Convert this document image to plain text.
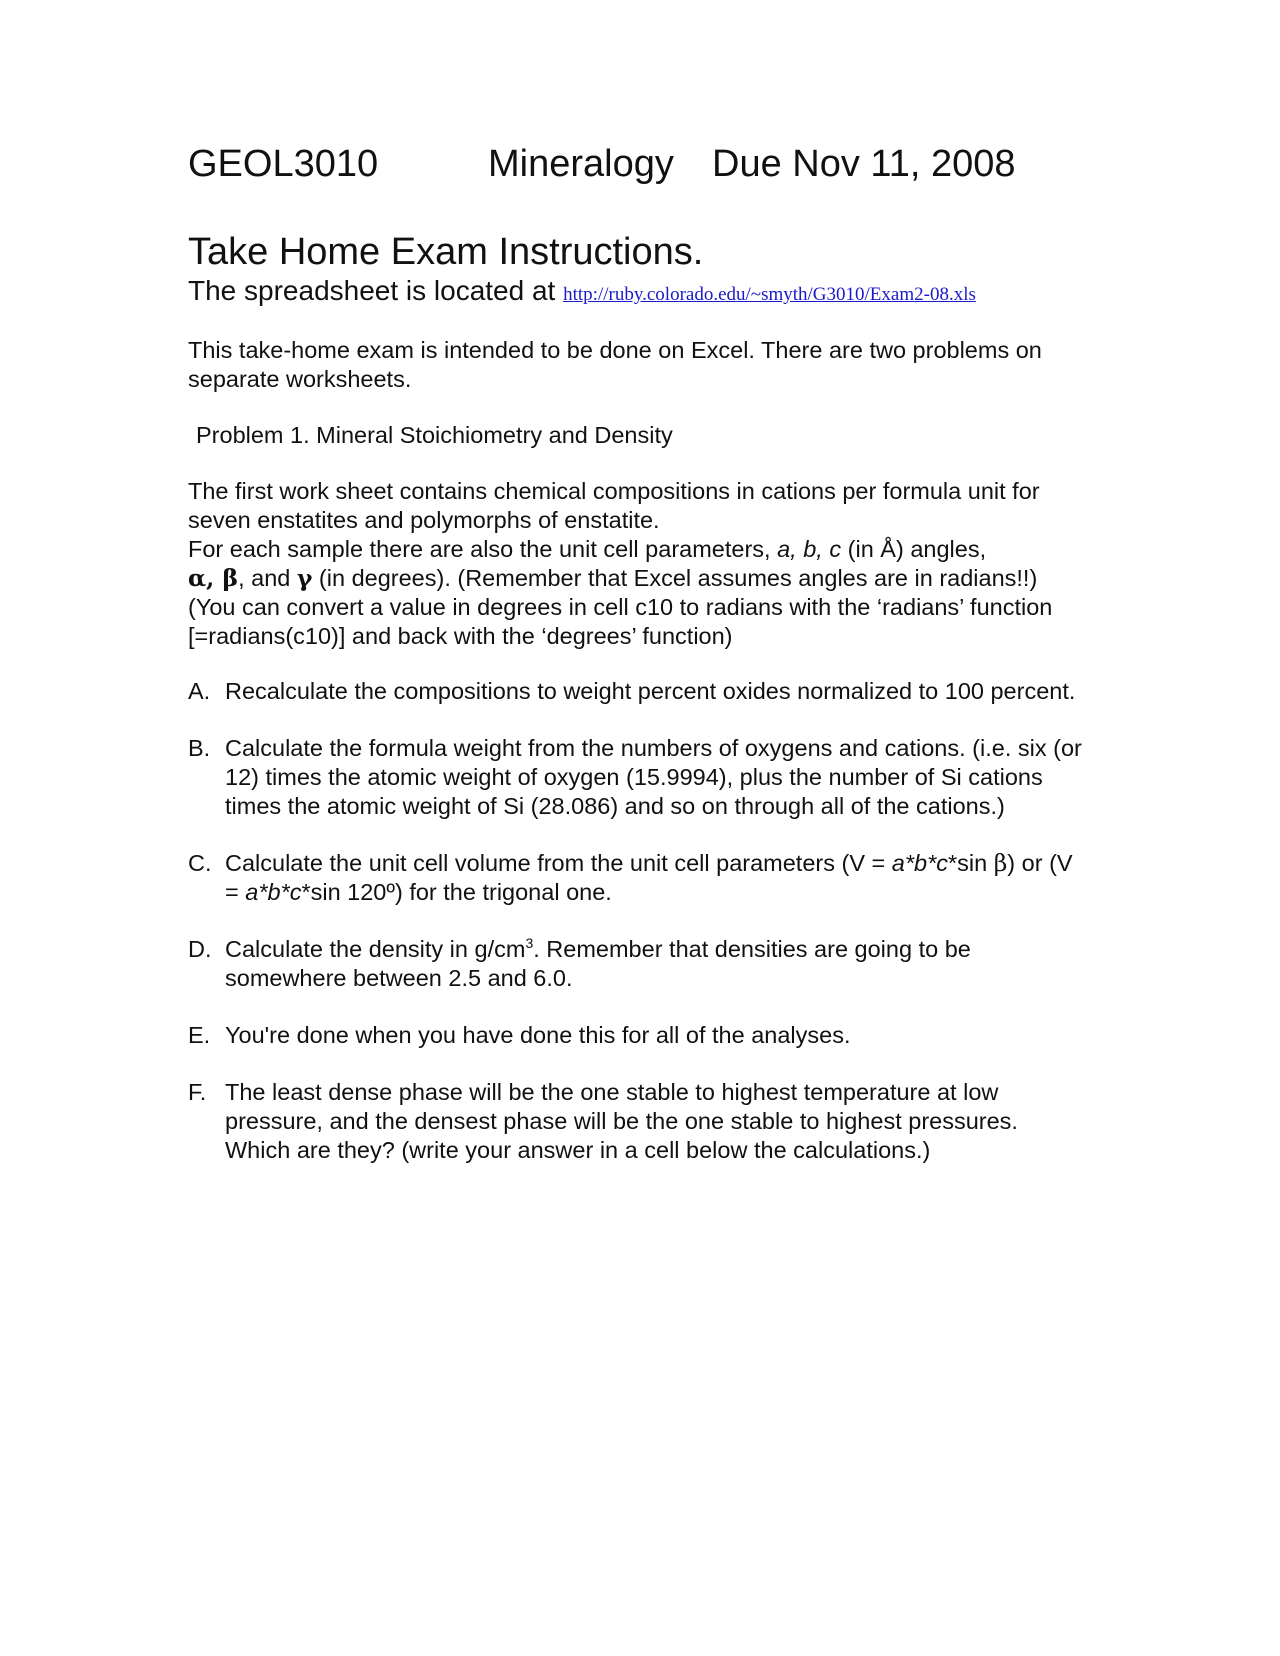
GEOL3010	Mineralogy Due Nov 11, 2008
Take Home Exam Instructions.
The spreadsheet is located at http://ruby.colorado.edu/~smyth/G3010/Exam2-08.xls

This take-home exam is intended to be done on Excel. There are two problems on separate worksheets.

Problem 1. Mineral Stoichiometry and Density

The first work sheet contains chemical compositions in cations per formula unit for seven enstatites and polymorphs of enstatite.
For each sample there are also the unit cell parameters, a, b, c (in Å) angles,
α, β, and γ (in degrees). (Remember that Excel assumes angles are in radians!!)
(You can convert a value in degrees in cell c10 to radians with the ‘radians’ function [=radians(c10)] and back with the ‘degrees’ function)
A. Recalculate the compositions to weight percent oxides normalized to 100 percent.
B. Calculate the formula weight from the numbers of oxygens and cations. (i.e. six (or 12) times the atomic weight of oxygen (15.9994), plus the number of Si cations times the atomic weight of Si (28.086) and so on through all of the cations.)
C. Calculate the unit cell volume from the unit cell parameters (V = a*b*c*sin β) or (V = a*b*c*sin 120º) for the trigonal one.
D. Calculate the density in $g/cm^3$. Remember that densities are going to be somewhere between 2.5 and 6.0.
E. You're done when you have done this for all of the analyses.
F. The least dense phase will be the one stable to highest temperature at low pressure, and the densest phase will be the one stable to highest pressures. Which are they? (write your answer in a cell below the calculations.)
